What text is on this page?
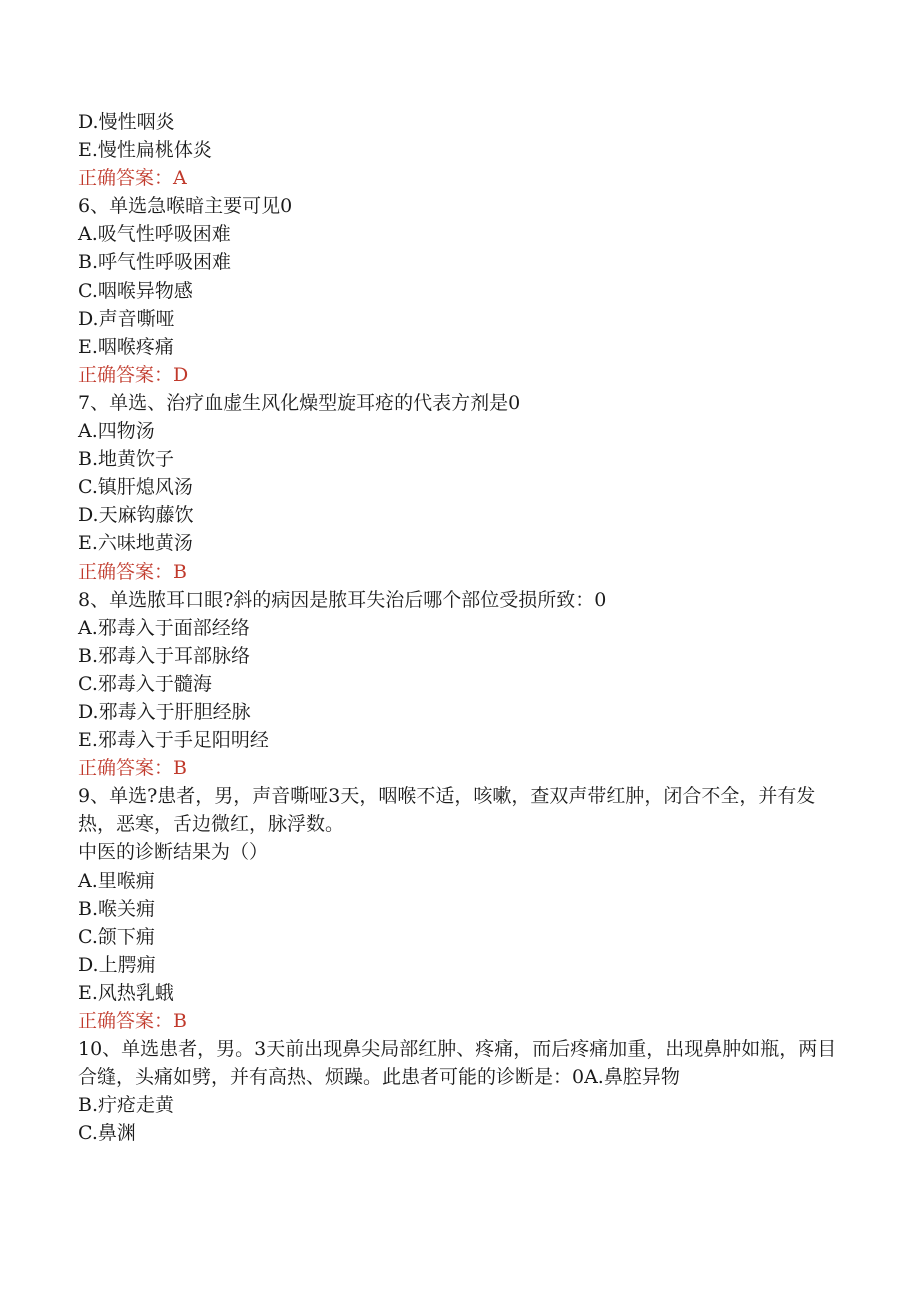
D.慢性咽炎
E.慢性扁桃体炎
正确答案：A
6、单选急喉暗主要可见0
A.吸气性呼吸困难
B.呼气性呼吸困难
C.咽喉异物感
D.声音嘶哑
E.咽喉疼痛
正确答案：D
7、单选、治疗血虚生风化燥型旋耳疮的代表方剂是0
A.四物汤
B.地黄饮子
C.镇肝熄风汤
D.天麻钩藤饮
E.六味地黄汤
正确答案：B
8、单选脓耳口眼?斜的病因是脓耳失治后哪个部位受损所致：0
A.邪毒入于面部经络
B.邪毒入于耳部脉络
C.邪毒入于髓海
D.邪毒入于肝胆经脉
E.邪毒入于手足阳明经
正确答案：B
9、单选?患者，男，声音嘶哑3天，咽喉不适，咳嗽，查双声带红肿，闭合不全，并有发热，恶寒，舌边微红，脉浮数。
中医的诊断结果为（）
A.里喉痈
B.喉关痈
C.颌下痈
D.上腭痈
E.风热乳蛾
正确答案：B
10、单选患者，男。3天前出现鼻尖局部红肿、疼痛，而后疼痛加重，出现鼻肿如瓶，两目合缝，头痛如劈，并有高热、烦躁。此患者可能的诊断是：0A.鼻腔异物
B.疔疮走黄
C.鼻渊
